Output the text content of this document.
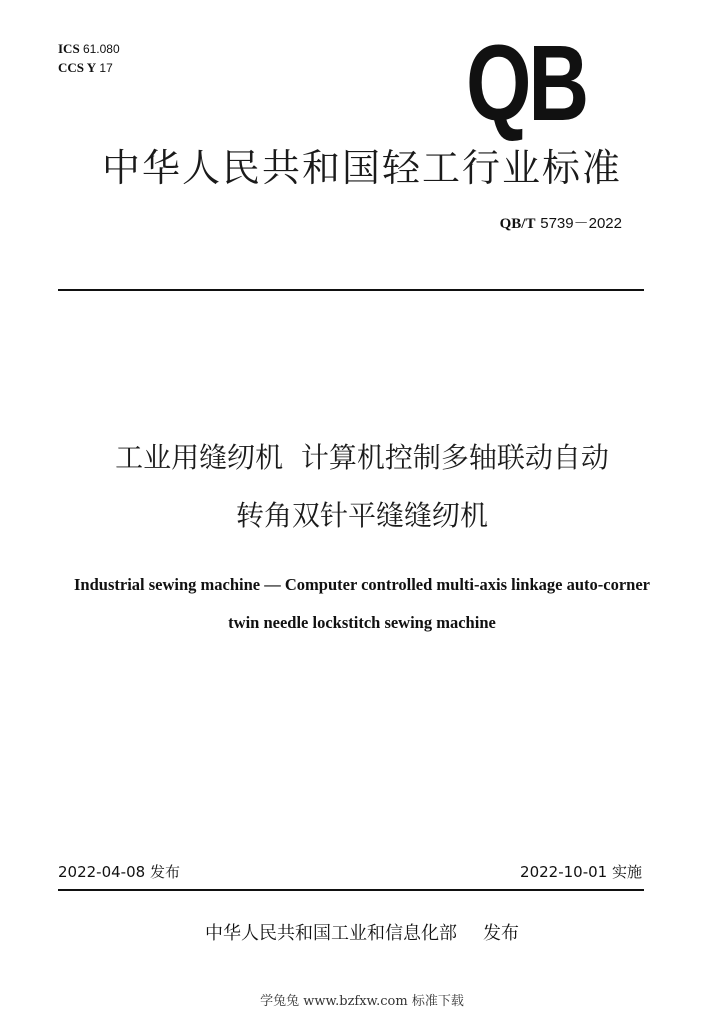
ICS 61.080
CCS Y 17	QB
中华人民共和国轻工行业标准
QB/T 5739－2022
工业用缝纫机  计算机控制多轴联动自动
转角双针平缝缝纫机
Industrial sewing machine — Computer controlled multi-axis linkage auto-corner
twin needle lockstitch sewing machine
2022-04-08 发布	2022-10-01 实施
中华人民共和国工业和信息化部 发布
学兔兔 www.bzfxw.com 标准下载
